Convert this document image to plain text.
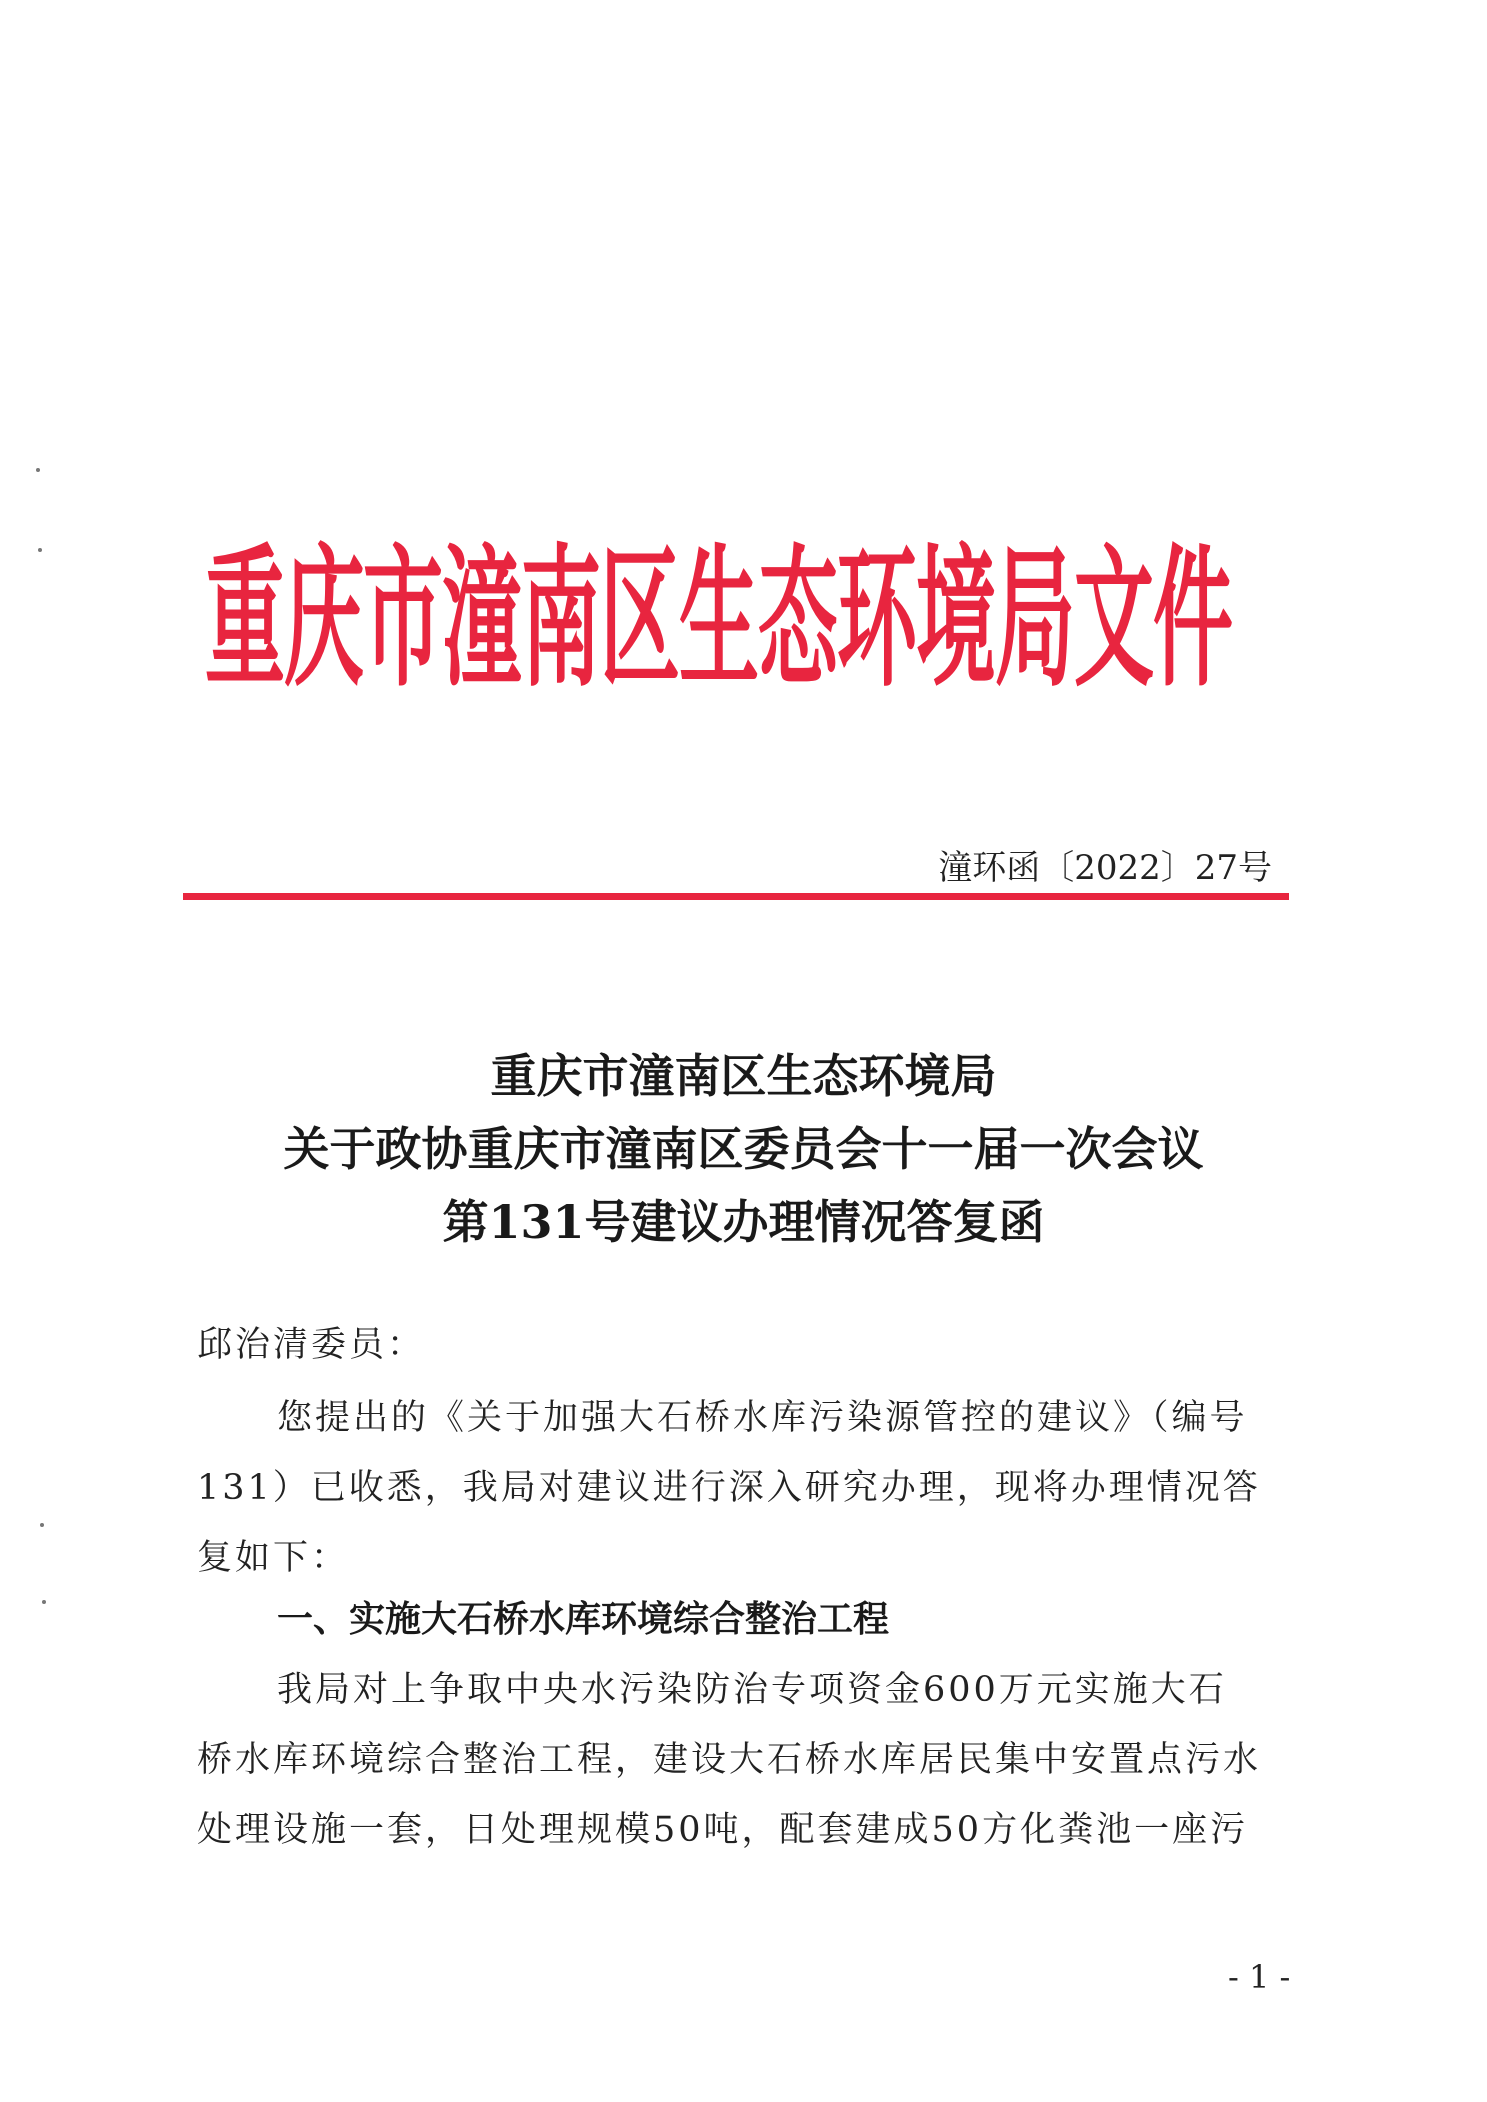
重庆市潼南区生态环境局文件
潼环函〔2022〕27号
重庆市潼南区生态环境局
关于政协重庆市潼南区委员会十一届一次会议
第131号建议办理情况答复函
邱治清委员：
您提出的《关于加强大石桥水库污染源管控的建议》（编号
131）已收悉，我局对建议进行深入研究办理，现将办理情况答
复如下：
一、实施大石桥水库环境综合整治工程
我局对上争取中央水污染防治专项资金600万元实施大石
桥水库环境综合整治工程，建设大石桥水库居民集中安置点污水
处理设施一套，日处理规模50吨，配套建成50方化粪池一座污
- 1 -
